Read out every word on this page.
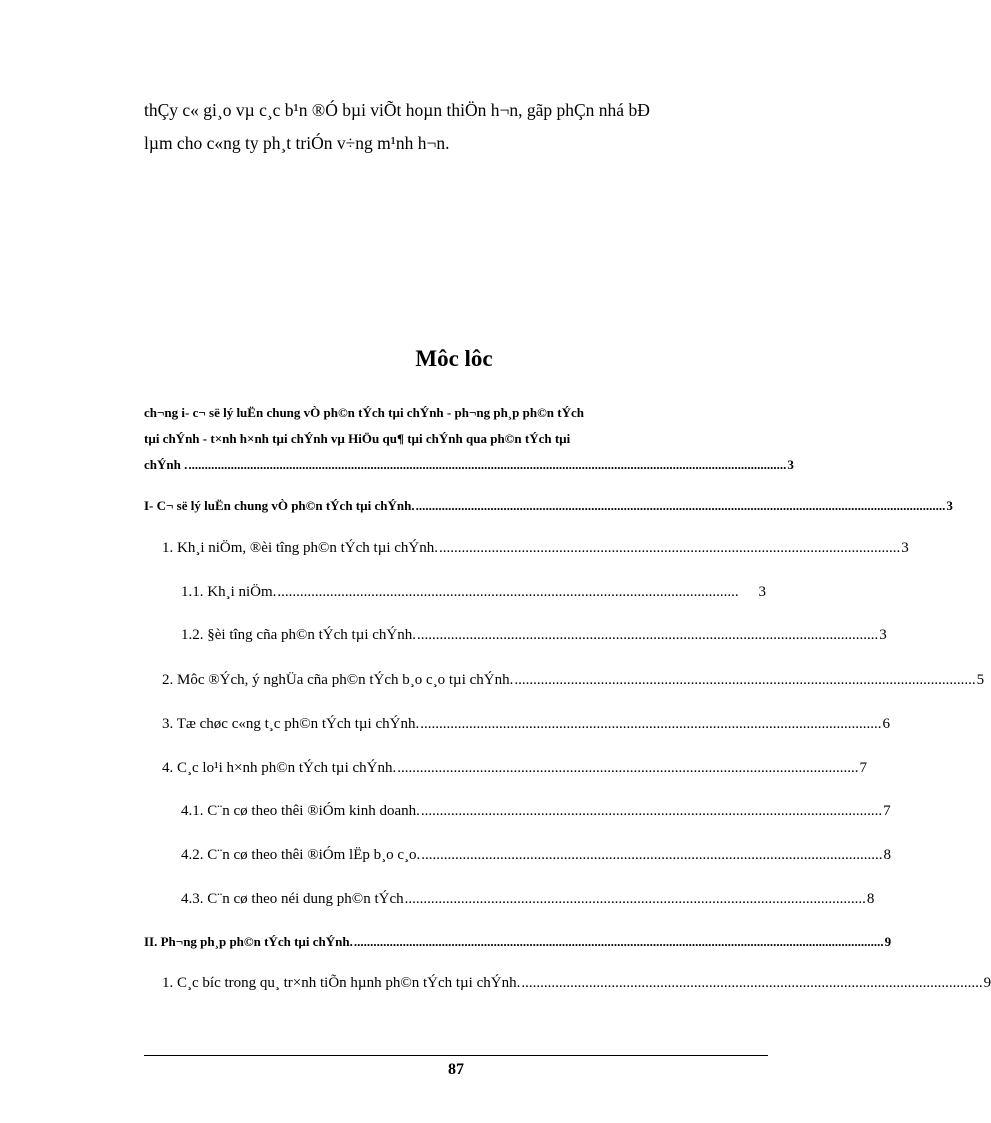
thÇy c« gi¸o vµ c¸c b¹n ®Ó bµi viÕt hoµn thiÖn h¬n, gãp phÇn nhá bÐ

lµm cho c«ng ty ph¸t triÓn v÷ng m¹nh h¬n.

Môc lôc
ch¬ng i- c¬ së lý luËn chung vÒ ph©n tÝch tµi chÝnh - ph¬ng ph¸p ph©n tÝch
tµi chÝnh - t×nh h×nh tµi chÝnh vµ HiÖu qu¶ tµi chÝnh qua ph©n tÝch tµi
chÝnh . ........................................................................................................................................................................................ 3
I- C¬ së lý luËn chung vÒ ph©n tÝch tµi chÝnh. ................................................................................................................................................................... 3
1. Kh¸i niÖm, ®èi tîng ph©n tÝch tµi chÝnh. ........................................................................................................................... 3
1.1. Kh¸i niÖm. ...........................................................................................................................	3
1.2. §èi tîng cña ph©n tÝch tµi chÝnh. ........................................................................................................................... 3
2. Môc ®Ých, ý nghÜa cña ph©n tÝch b¸o c¸o tµi chÝnh. ........................................................................................................................... 5
3. Tæ chøc c«ng t¸c ph©n tÝch tµi chÝnh. ........................................................................................................................... 6
4. C¸c lo¹i h×nh ph©n tÝch tµi chÝnh. ........................................................................................................................... 7
4.1. C¨n cø theo thêi ®iÓm kinh doanh. ........................................................................................................................... 7
4.2. C¨n cø theo thêi ®iÓm lËp b¸o c¸o. ........................................................................................................................... 8
4.3. C¨n cø theo néi dung ph©n tÝch ........................................................................................................................... 8
II. Ph¬ng ph¸p ph©n tÝch tµi chÝnh. ................................................................................................................................................................... 9
1. C¸c bíc trong qu¸ tr×nh tiÕn hµnh ph©n tÝch tµi chÝnh. ........................................................................................................................... 9
87
